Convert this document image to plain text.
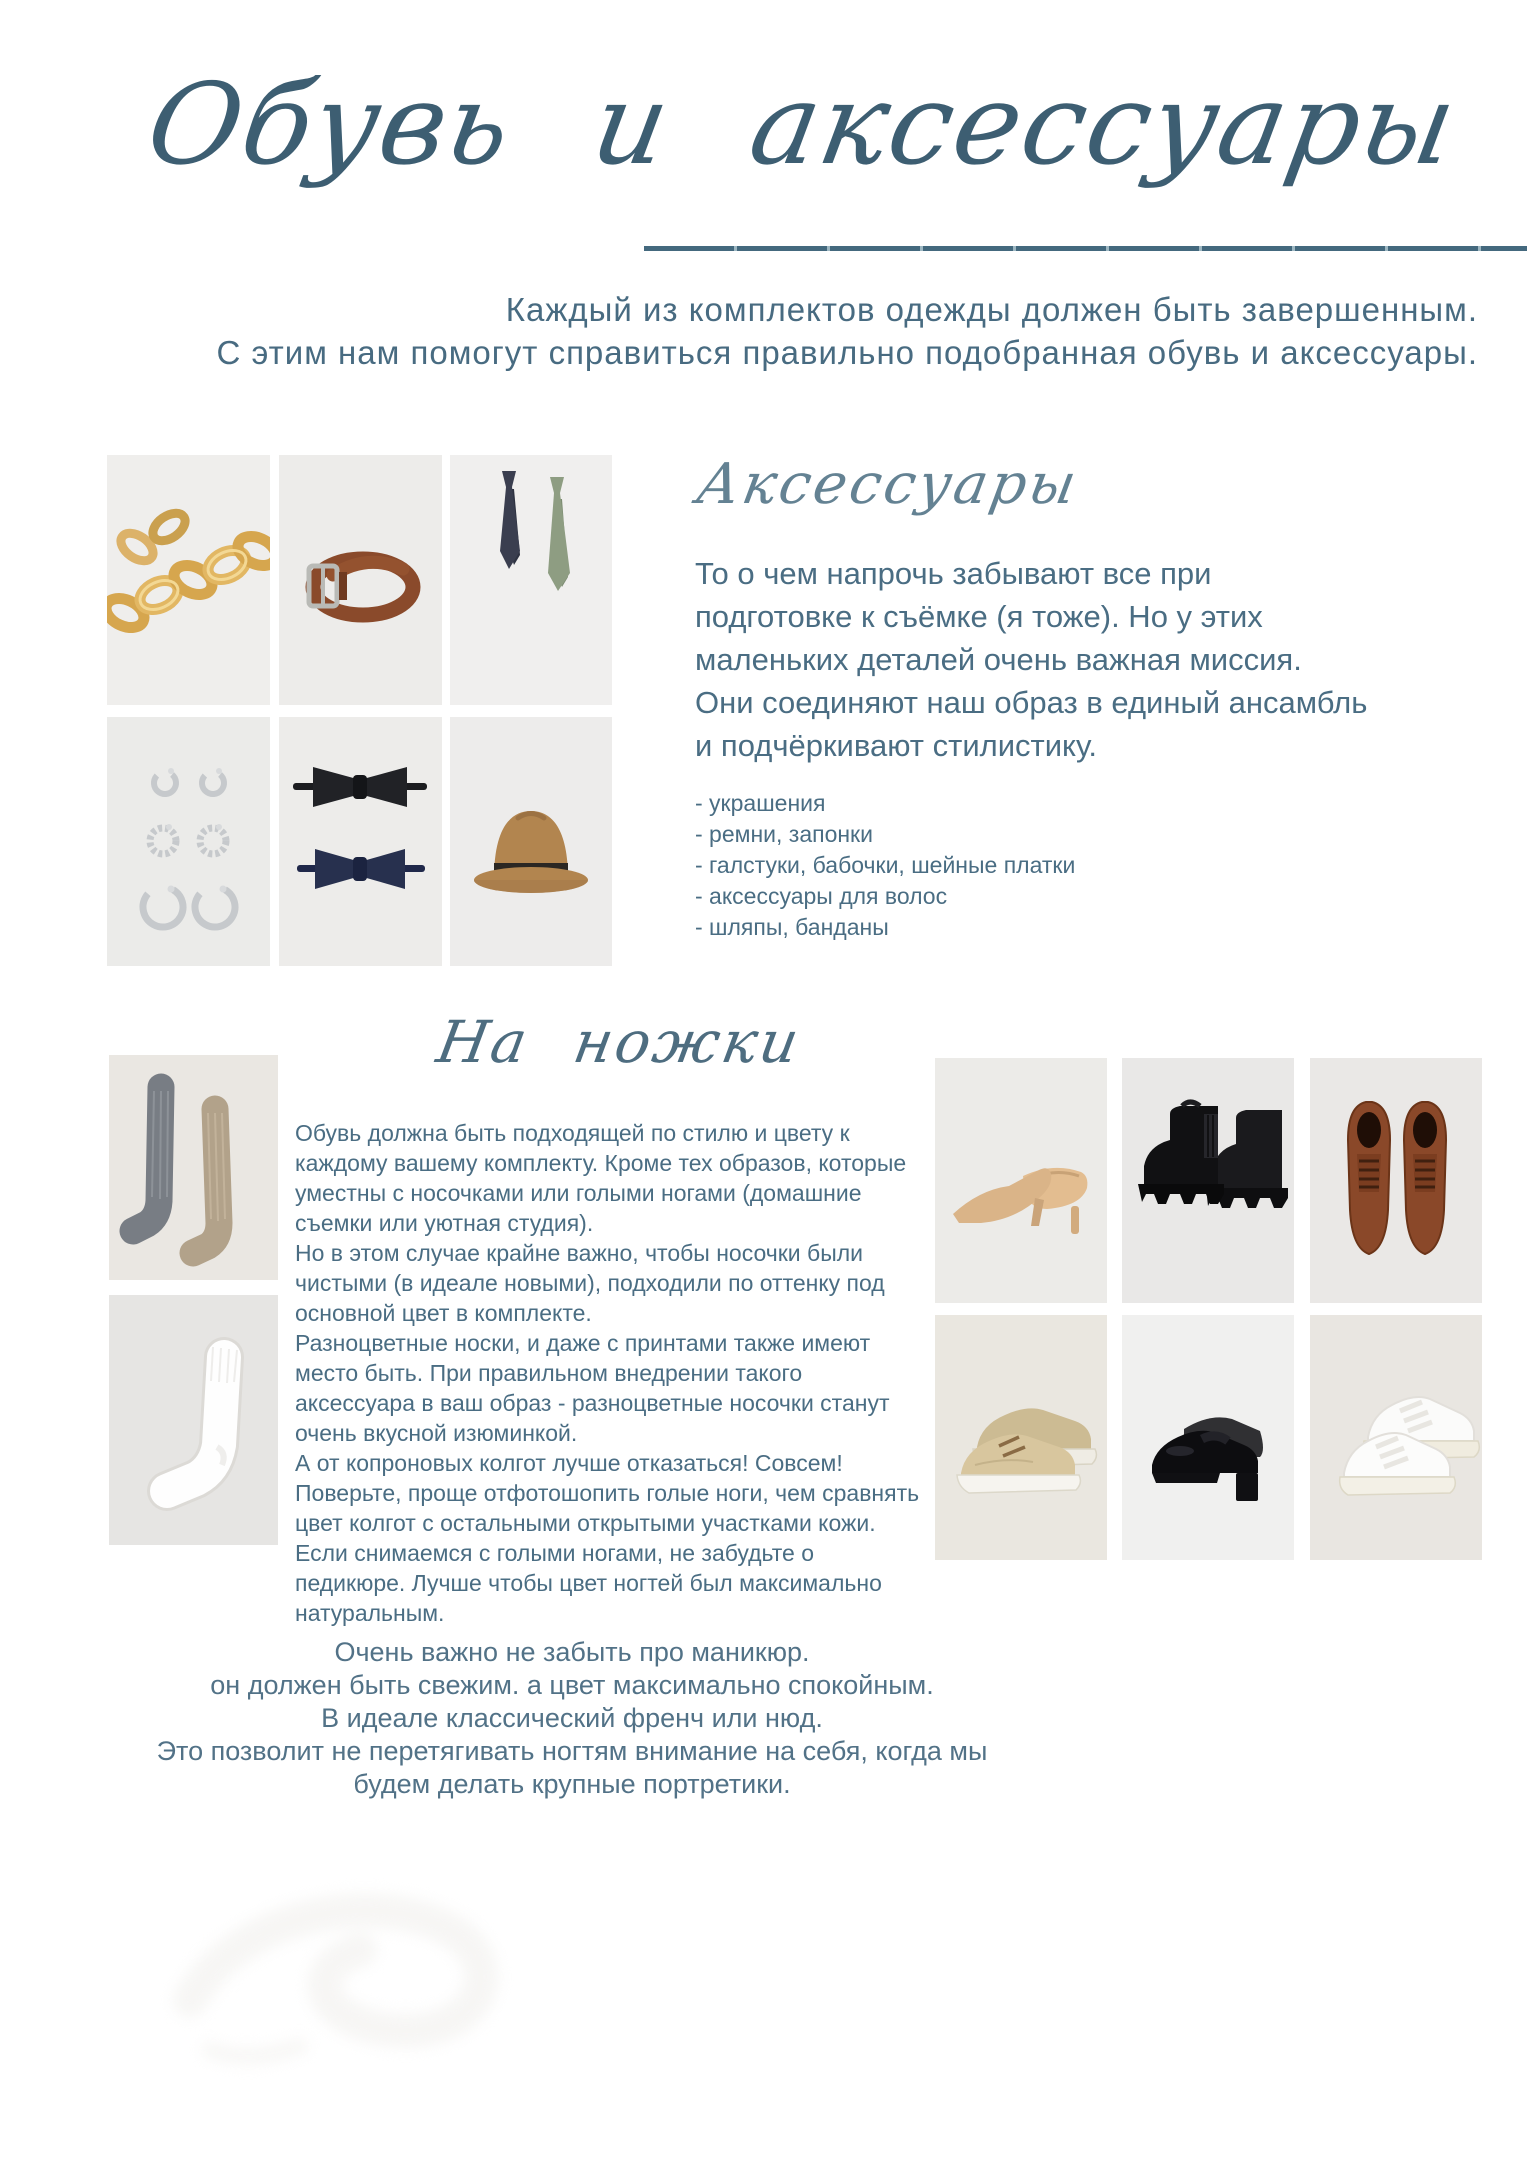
Обувь и аксессуары
Каждый из комплектов одежды должен быть завершенным.
С этим нам помогут справиться правильно подобранная обувь и аксессуары.
Аксессуары
То о чем напрочь забывают все при
подготовке к съёмке (я тоже). Но у этих
маленьких деталей очень важная миссия.
Они соединяют наш образ в единый ансамбль
и подчёркивают стилистику.
- украшения
- ремни, запонки
- галстуки, бабочки, шейные платки
- аксессуары для волос
- шляпы, банданы
На ножки
Обувь должна быть подходящей по стилю и цвету к
каждому вашему комплекту. Кроме тех образов, которые
уместны с носочками или голыми ногами (домашние
съемки или уютная студия).
Но в этом случае крайне важно, чтобы носочки были
чистыми (в идеале новыми), подходили по оттенку под
основной цвет в комплекте.
Разноцветные носки, и даже с принтами также имеют
место быть. При правильном внедрении такого
аксессуара в ваш образ - разноцветные носочки станут
очень вкусной изюминкой.
А от копроновых колгот лучше отказаться! Совсем!
Поверьте, проще отфотошопить голые ноги, чем сравнять
цвет колгот с остальными открытыми участками кожи.
Если снимаемся с голыми ногами, не забудьте о
педикюре. Лучше чтобы цвет ногтей был максимально
натуральным.
Очень важно не забыть про маникюр.
он должен быть свежим. а цвет максимально спокойным.
В идеале классический френч или нюд.
Это позволит не перетягивать ногтям внимание на себя, когда мы
будем делать крупные портретики.
